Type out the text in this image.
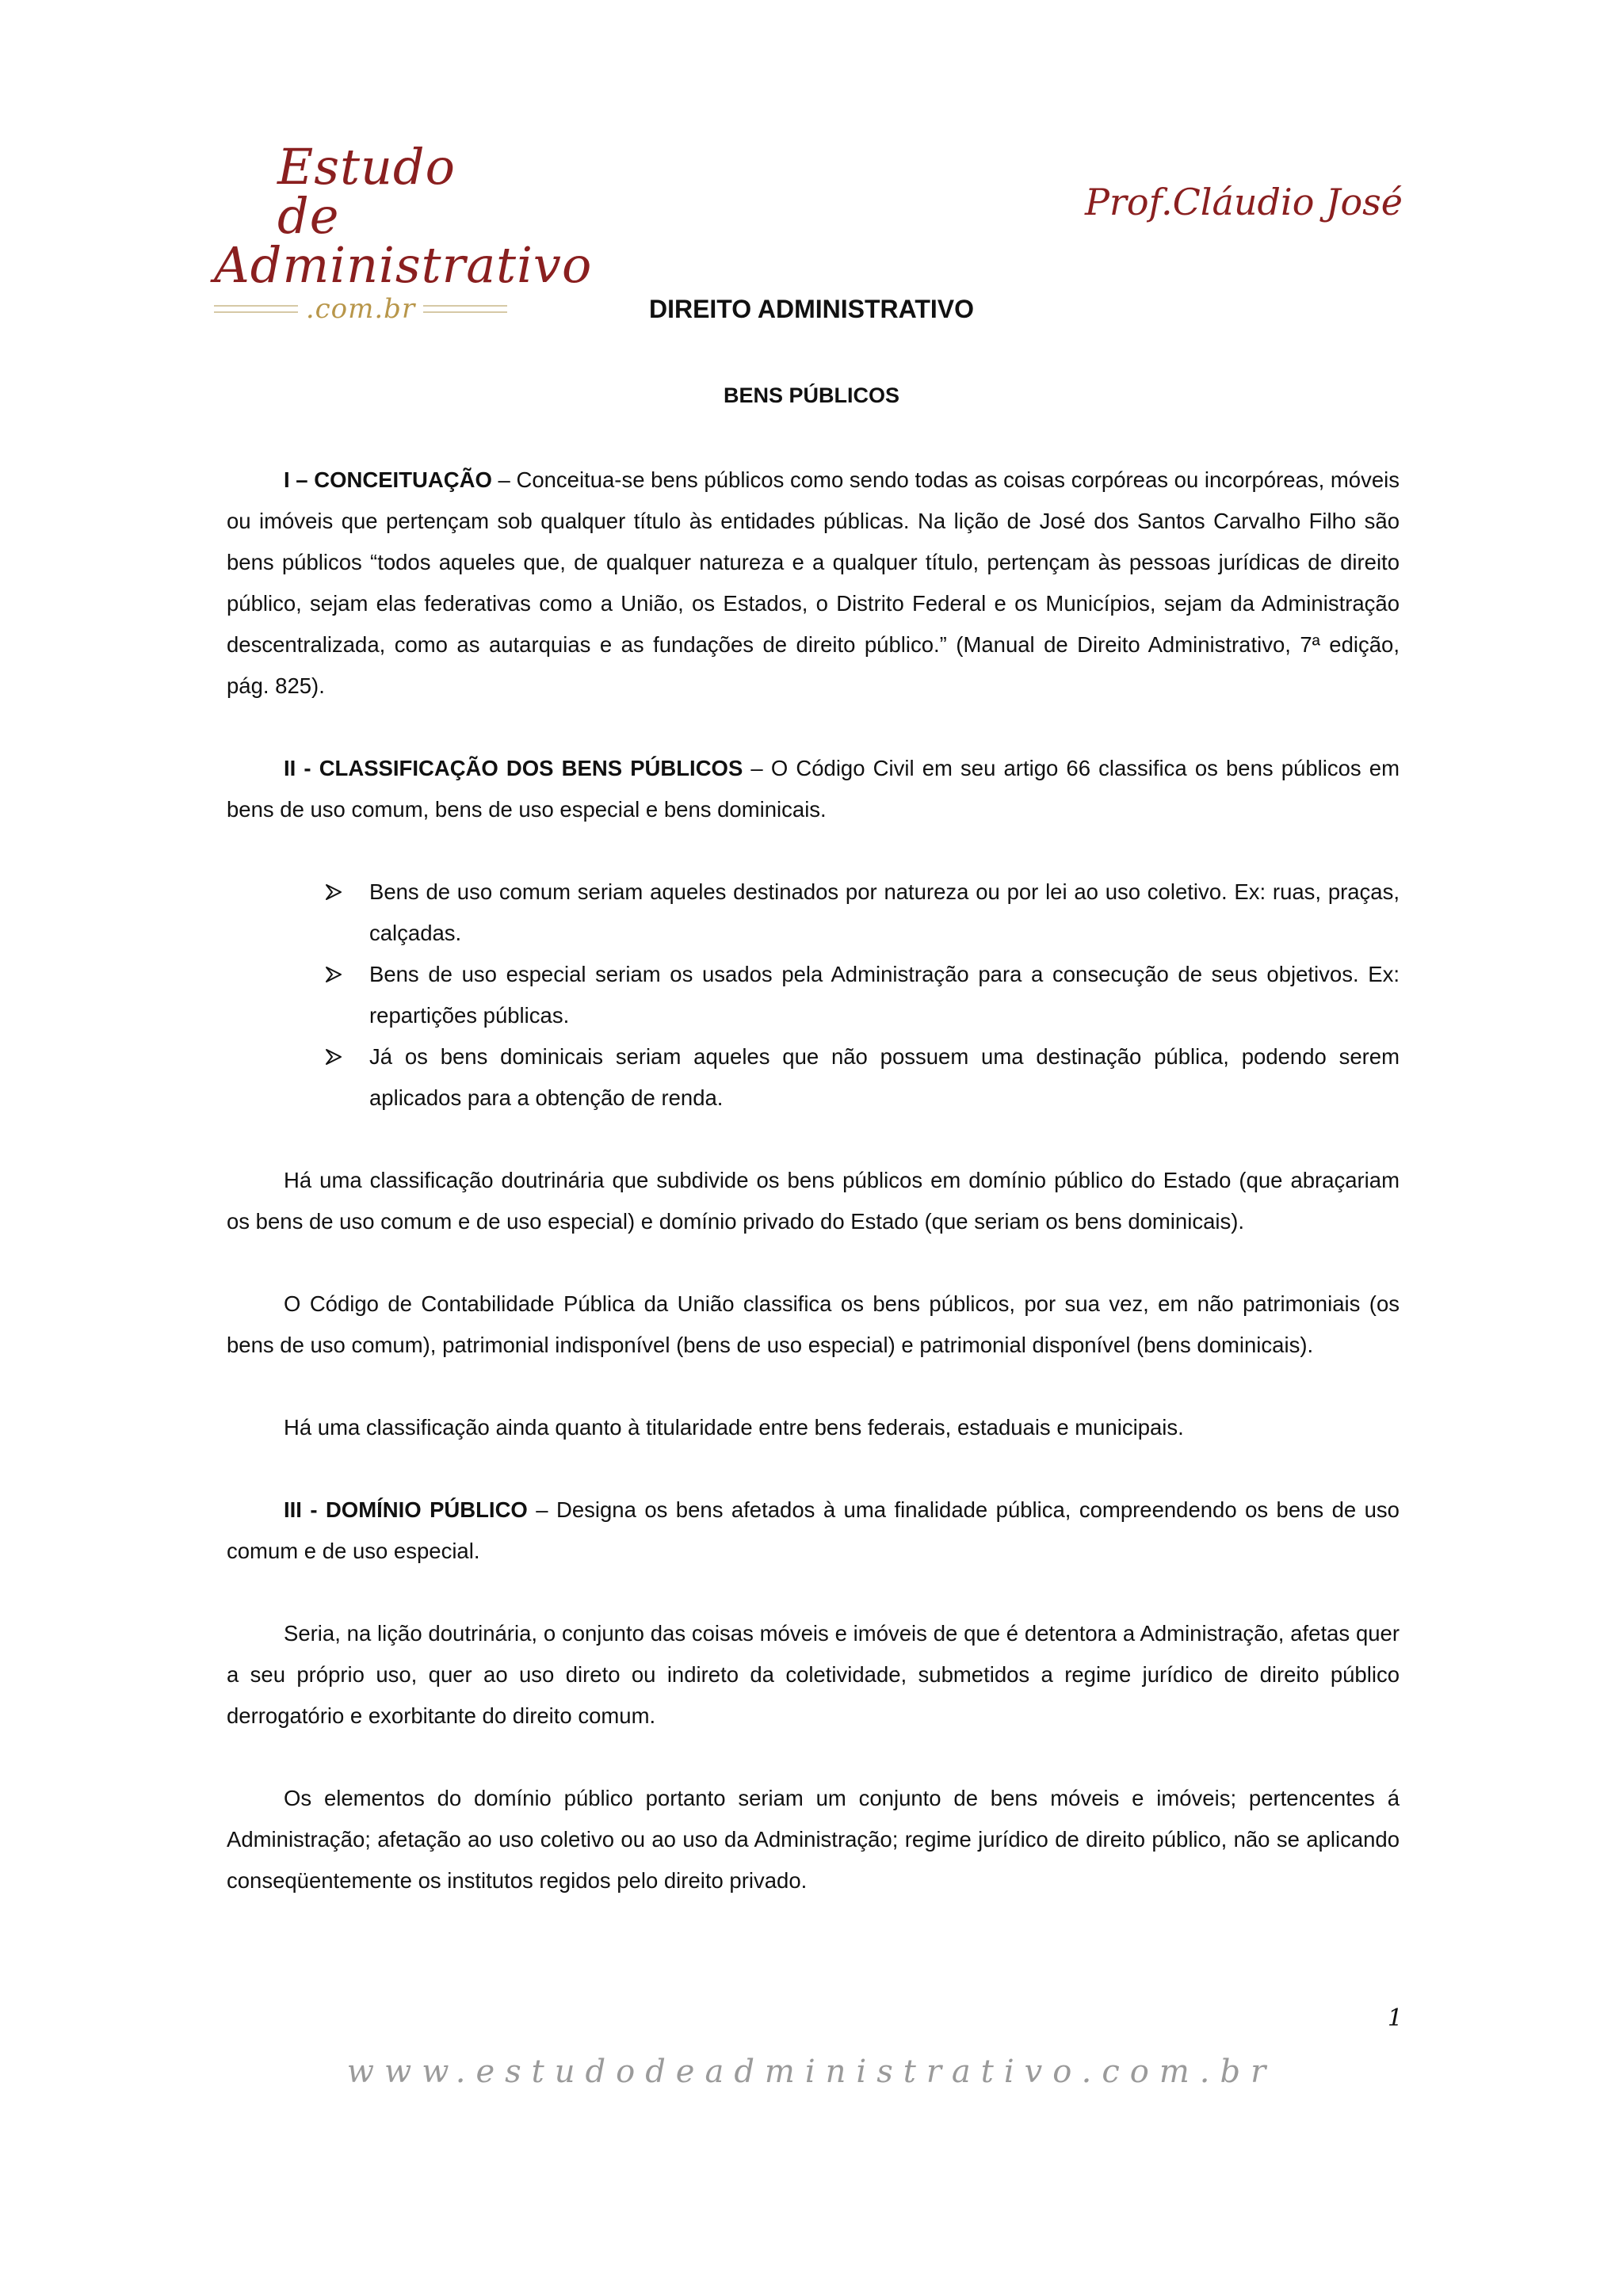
Estudo de
Administrativo
.com.br
Prof.Cláudio José
DIREITO ADMINISTRATIVO
BENS PÚBLICOS

I – CONCEITUAÇÃO – Conceitua-se bens públicos como sendo todas as coisas corpóreas ou incorpóreas, móveis ou imóveis que pertençam sob qualquer título às entidades públicas. Na lição de José dos Santos Carvalho Filho são bens públicos “todos aqueles que, de qualquer natureza e a qualquer título, pertençam às pessoas jurídicas de direito público, sejam elas federativas como a União, os Estados, o Distrito Federal e os Municípios, sejam da Administração descentralizada, como as autarquias e as fundações de direito público.” (Manual de Direito Administrativo, 7ª edição, pág. 825).

II - CLASSIFICAÇÃO DOS BENS PÚBLICOS – O Código Civil em seu artigo 66 classifica os bens públicos em bens de uso comum, bens de uso especial e bens dominicais.

Bens de uso comum seriam aqueles destinados por natureza ou por lei ao uso coletivo. Ex: ruas, praças, calçadas.
Bens de uso especial seriam os usados pela Administração para a consecução de seus objetivos. Ex: repartições públicas.
Já os bens dominicais seriam aqueles que não possuem uma destinação pública, podendo serem aplicados para a obtenção de renda.

Há uma classificação doutrinária que subdivide os bens públicos em domínio público do Estado (que abraçariam os bens de uso comum e de uso especial) e domínio privado do Estado (que seriam os bens dominicais).

O Código de Contabilidade Pública da União classifica os bens públicos, por sua vez, em não patrimoniais (os bens de uso comum), patrimonial indisponível (bens de uso especial) e patrimonial disponível (bens dominicais).

Há uma classificação ainda quanto à titularidade entre bens federais, estaduais e municipais.

III - DOMÍNIO PÚBLICO – Designa os bens afetados à uma finalidade pública, compreendendo os bens de uso comum e de uso especial.

Seria, na lição doutrinária, o conjunto das coisas móveis e imóveis de que é detentora a Administração, afetas quer a seu próprio uso, quer ao uso direto ou indireto da coletividade, submetidos a regime jurídico de direito público derrogatório e exorbitante do direito comum.

Os elementos do domínio público portanto seriam um conjunto de bens móveis e imóveis; pertencentes á Administração; afetação ao uso coletivo ou ao uso da Administração; regime jurídico de direito público, não se aplicando conseqüentemente os institutos regidos pelo direito privado.

1
www.estudodeadministrativo.com.br
